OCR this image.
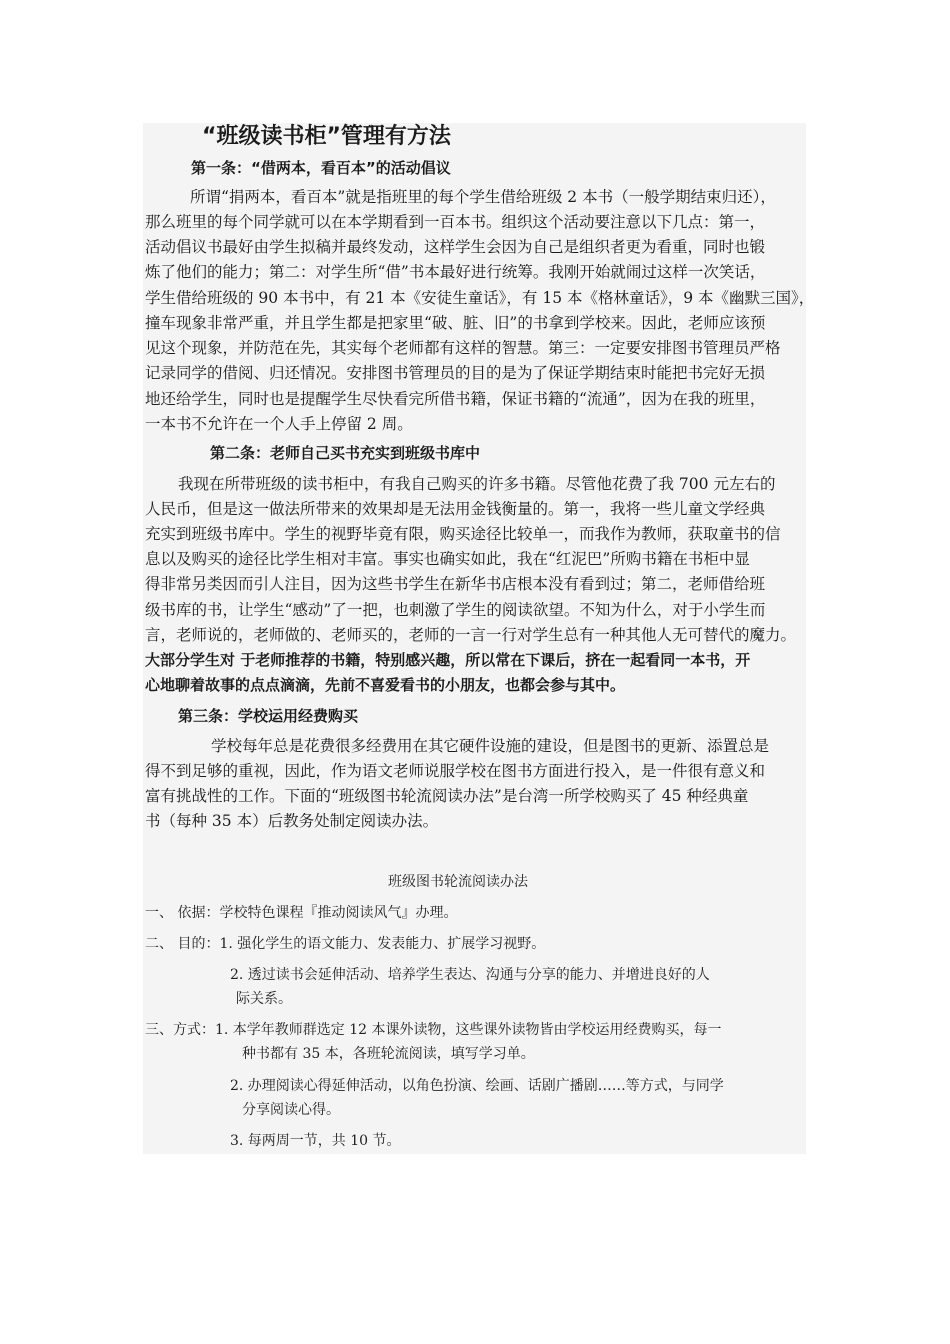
“班级读书柜”管理有方法
第一条：“借两本，看百本”的活动倡议
所谓“捐两本，看百本”就是指班里的每个学生借给班级 2 本书（一般学期结束归还），
那么班里的每个同学就可以在本学期看到一百本书。组织这个活动要注意以下几点：第一，
活动倡议书最好由学生拟稿并最终发动，这样学生会因为自己是组织者更为看重，同时也锻
炼了他们的能力；第二：对学生所“借”书本最好进行统筹。我刚开始就闹过这样一次笑话，
学生借给班级的 90 本书中，有 21 本《安徒生童话》，有 15 本《格林童话》，9 本《幽默三国》，
撞车现象非常严重，并且学生都是把家里“破、脏、旧”的书拿到学校来。因此，老师应该预
见这个现象，并防范在先，其实每个老师都有这样的智慧。第三：一定要安排图书管理员严格
记录同学的借阅、归还情况。安排图书管理员的目的是为了保证学期结束时能把书完好无损
地还给学生，同时也是提醒学生尽快看完所借书籍，保证书籍的“流通”，因为在我的班里，
一本书不允许在一个人手上停留 2 周。
第二条：老师自己买书充实到班级书库中
我现在所带班级的读书柜中，有我自己购买的许多书籍。尽管他花费了我 700 元左右的
人民币，但是这一做法所带来的效果却是无法用金钱衡量的。第一，我将一些儿童文学经典
充实到班级书库中。学生的视野毕竟有限，购买途径比较单一，而我作为教师，获取童书的信
息以及购买的途径比学生相对丰富。事实也确实如此，我在“红泥巴”所购书籍在书柜中显
得非常另类因而引人注目，因为这些书学生在新华书店根本没有看到过；第二，老师借给班
级书库的书，让学生“感动”了一把，也刺激了学生的阅读欲望。不知为什么，对于小学生而
言，老师说的，老师做的、老师买的，老师的一言一行对学生总有一种其他人无可替代的魔力。
大部分学生对 于老师推荐的书籍，特别感兴趣，所以常在下课后，挤在一起看同一本书，开
心地聊着故事的点点滴滴，先前不喜爱看书的小朋友，也都会参与其中。
第三条：学校运用经费购买
学校每年总是花费很多经费用在其它硬件设施的建设，但是图书的更新、添置总是
得不到足够的重视，因此，作为语文老师说服学校在图书方面进行投入，是一件很有意义和
富有挑战性的工作。下面的“班级图书轮流阅读办法”是台湾一所学校购买了 45 种经典童
书（每种 35 本）后教务处制定阅读办法。
班级图书轮流阅读办法
一、 依据：学校特色课程『推动阅读风气』办理。
二、 目的：1. 强化学生的语文能力、发表能力、扩展学习视野。
2. 透过读书会延伸活动、培养学生表达、沟通与分享的能力、并增进良好的人
际关系。
三、方式：1. 本学年教师群选定 12 本课外读物，这些课外读物皆由学校运用经费购买，每一
种书都有 35 本，各班轮流阅读，填写学习单。
2. 办理阅读心得延伸活动，以角色扮演、绘画、话剧广播剧……等方式，与同学
分享阅读心得。
3. 每两周一节，共 10 节。
